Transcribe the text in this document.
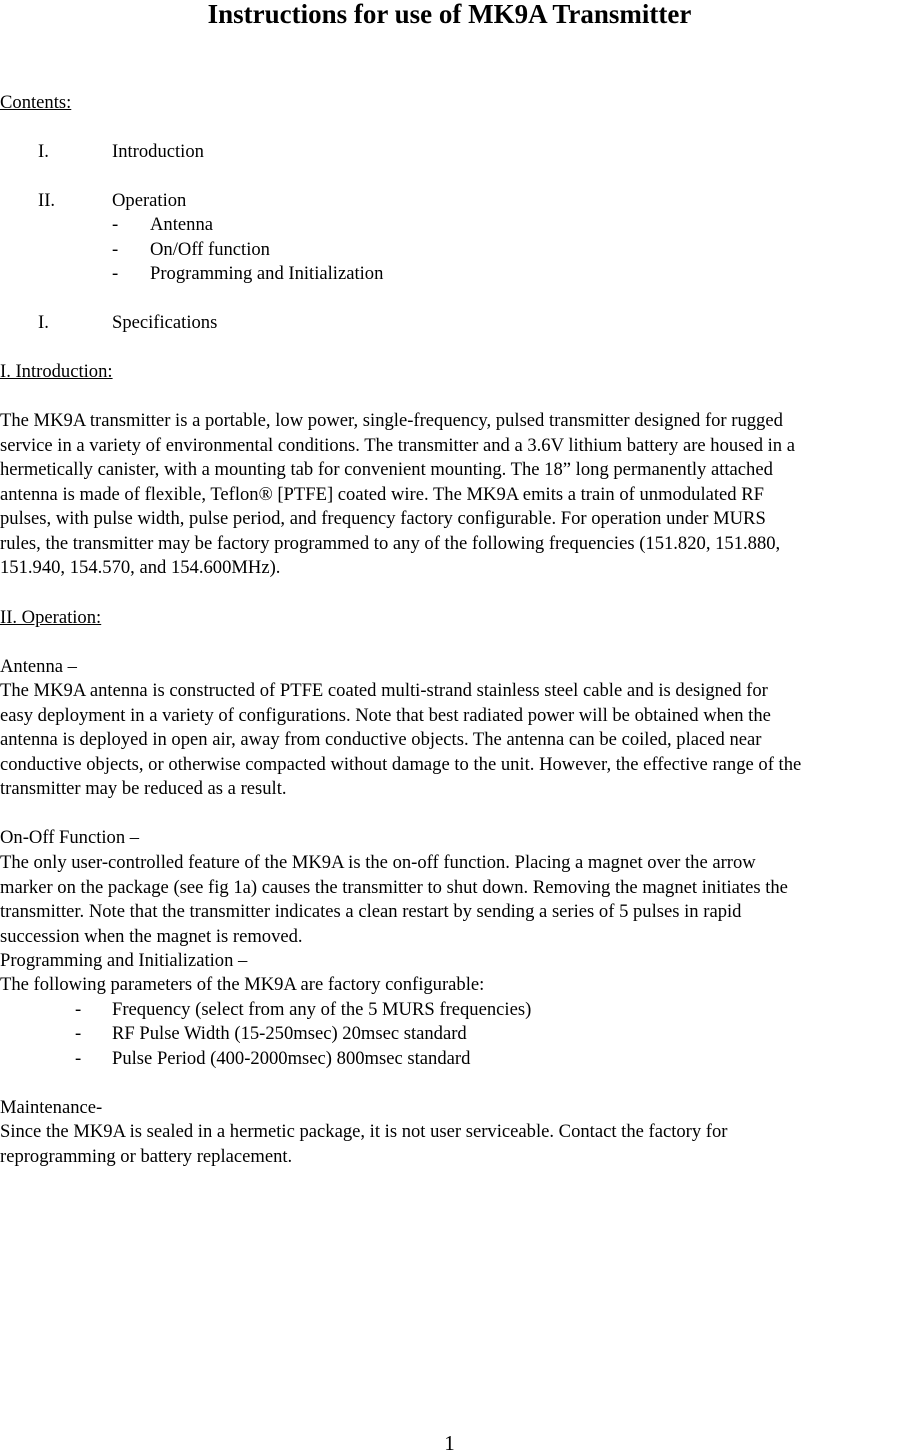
Instructions for use of MK9A Transmitter
Contents:
I.	Introduction
II.	Operation
- Antenna
- On/Off function
- Programming and Initialization
I.	Specifications
I. Introduction:
The MK9A transmitter is a portable, low power, single-frequency, pulsed transmitter designed for rugged
service in a variety of environmental conditions. The transmitter and a 3.6V lithium battery are housed in a
hermetically canister, with a mounting tab for convenient mounting. The 18” long permanently attached
antenna is made of flexible, Teflon® [PTFE] coated wire. The MK9A emits a train of unmodulated RF
pulses, with pulse width, pulse period, and frequency factory configurable. For operation under MURS
rules, the transmitter may be factory programmed to any of the following frequencies (151.820, 151.880,
151.940, 154.570, and 154.600MHz).
II. Operation:
Antenna –
The MK9A antenna is constructed of PTFE coated multi-strand stainless steel cable and is designed for
easy deployment in a variety of configurations. Note that best radiated power will be obtained when the
antenna is deployed in open air, away from conductive objects. The antenna can be coiled, placed near
conductive objects, or otherwise compacted without damage to the unit. However, the effective range of the
transmitter may be reduced as a result.
On-Off Function –
The only user-controlled feature of the MK9A is the on-off function. Placing a magnet over the arrow
marker on the package (see fig 1a) causes the transmitter to shut down. Removing the magnet initiates the
transmitter. Note that the transmitter indicates a clean restart by sending a series of 5 pulses in rapid
succession when the magnet is removed.
Programming and Initialization –
The following parameters of the MK9A are factory configurable:
- Frequency (select from any of the 5 MURS frequencies)
- RF Pulse Width (15-250msec) 20msec standard
- Pulse Period (400-2000msec) 800msec standard
Maintenance-
Since the MK9A is sealed in a hermetic package, it is not user serviceable. Contact the factory for
reprogramming or battery replacement.
1
